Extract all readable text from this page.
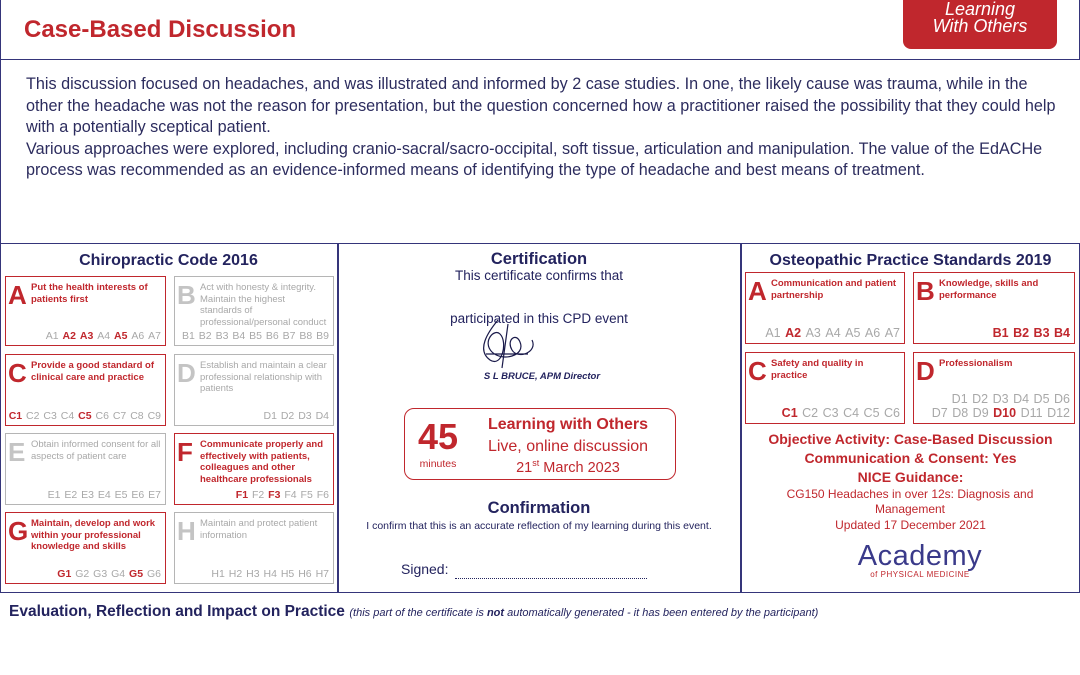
Case-Based Discussion
Learning
With Others
This discussion focused on headaches, and was illustrated and informed by 2 case studies. In one, the likely cause was trauma, while in the other the headache was not the reason for presentation, but the question concerned how a practitioner raised the possibility that they could help with a potentially sceptical patient.
Various approaches were explored, including cranio-sacral/sacro-occipital, soft tissue, articulation and manipulation. The value of the EdACHe process was recommended as an evidence-informed means of identifying the type of headache and best means of treatment.
Chiropractic Code 2016
A Put the health interests of patients first
A1 A2 A3 A4 A5 A6 A7
B Act with honesty & integrity. Maintain the highest standards of professional/personal conduct
B1 B2 B3 B4 B5 B6 B7 B8 B9
C Provide a good standard of clinical care and practice
C1 C2 C3 C4 C5 C6 C7 C8 C9
D Establish and maintain a clear professional relationship with patients
D1 D2 D3 D4
E Obtain informed consent for all aspects of patient care
E1 E2 E3 E4 E5 E6 E7
F Communicate properly and effectively with patients, colleagues and other healthcare professionals
F1 F2 F3 F4 F5 F6
G Maintain, develop and work within your professional knowledge and skills
G1 G2 G3 G4 G5 G6
H Maintain and protect patient information
H1 H2 H3 H4 H5 H6 H7
Certification
This certificate confirms that
participated in this CPD event
S L BRUCE, APM Director
45
minutes
Learning with Others
Live, online discussion
21st March 2023
Confirmation
I confirm that this is an accurate reflection of my learning during this event.
Signed:
Osteopathic Practice Standards 2019
A Communication and patient partnership
A1 A2 A3 A4 A5 A6 A7
B Knowledge, skills and performance
B1 B2 B3 B4
C Safety and quality in practice
C1 C2 C3 C4 C5 C6
D Professionalism
D1 D2 D3 D4 D5 D6
D7 D8 D9 D10 D11 D12
Objective Activity: Case-Based Discussion
Communication & Consent: Yes
NICE Guidance:
CG150 Headaches in over 12s: Diagnosis and Management
Updated 17 December 2021
Academy
of PHYSICAL MEDICINE
Evaluation, Reflection and Impact on Practice (this part of the certificate is not automatically generated - it has been entered by the participant)
